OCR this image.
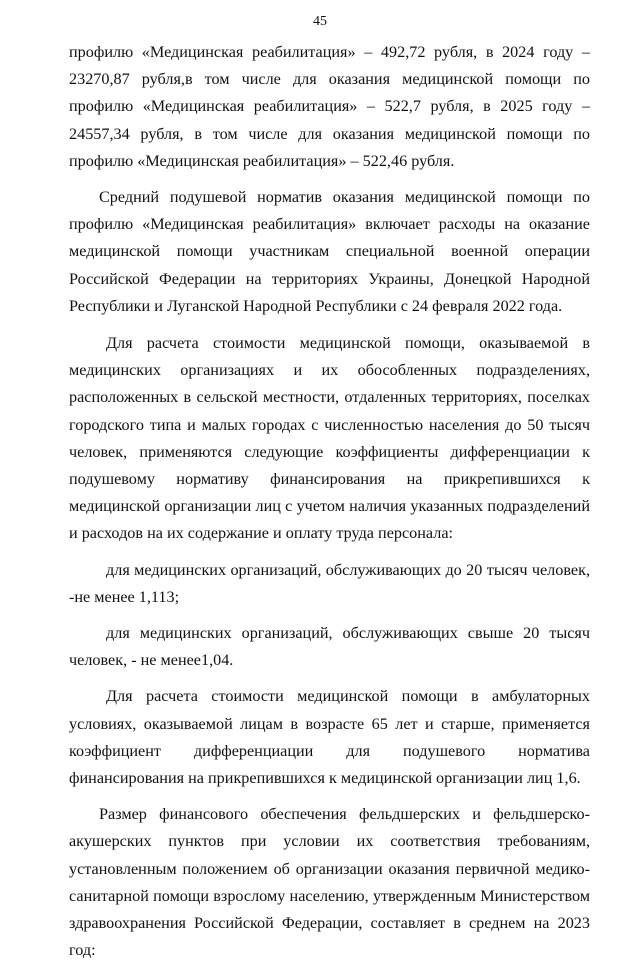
45

профилю «Медицинская реабилитация» – 492,72 рубля, в 2024 году – 23270,87 рубля,в том числе для оказания медицинской помощи по профилю «Медицинская реабилитация» – 522,7 рубля, в 2025 году – 24557,34 рубля, в том числе для оказания медицинской помощи по профилю «Медицинская реабилитация» – 522,46 рубля.

Средний подушевой норматив оказания медицинской помощи по профилю «Медицинская реабилитация» включает расходы на оказание медицинской помощи участникам специальной военной операции Российской Федерации на территориях Украины, Донецкой Народной Республики и Луганской Народной Республики с 24 февраля 2022 года.

Для расчета стоимости медицинской помощи, оказываемой в медицинских организациях и их обособленных подразделениях, расположенных в сельской местности, отдаленных территориях, поселках городского типа и малых городах с численностью населения до 50 тысяч человек, применяются следующие коэффициенты дифференциации к подушевому нормативу финансирования на прикрепившихся к медицинской организации лиц с учетом наличия указанных подразделений и расходов на их содержание и оплату труда персонала:

для медицинских организаций, обслуживающих до 20 тысяч человек, -не менее 1,113;

для медицинских организаций, обслуживающих свыше 20 тысяч человек, - не менее1,04.

Для расчета стоимости медицинской помощи в амбулаторных условиях, оказываемой лицам в возрасте 65 лет и старше, применяется коэффициент дифференциации для подушевого норматива финансирования на прикрепившихся к медицинской организации лиц 1,6.

Размер финансового обеспечения фельдшерских и фельдшерско-акушерских пунктов при условии их соответствия требованиям, установленным положением об организации оказания первичной медико-санитарной помощи взрослому населению, утвержденным Министерством здравоохранения Российской Федерации, составляет в среднем на 2023 год:
